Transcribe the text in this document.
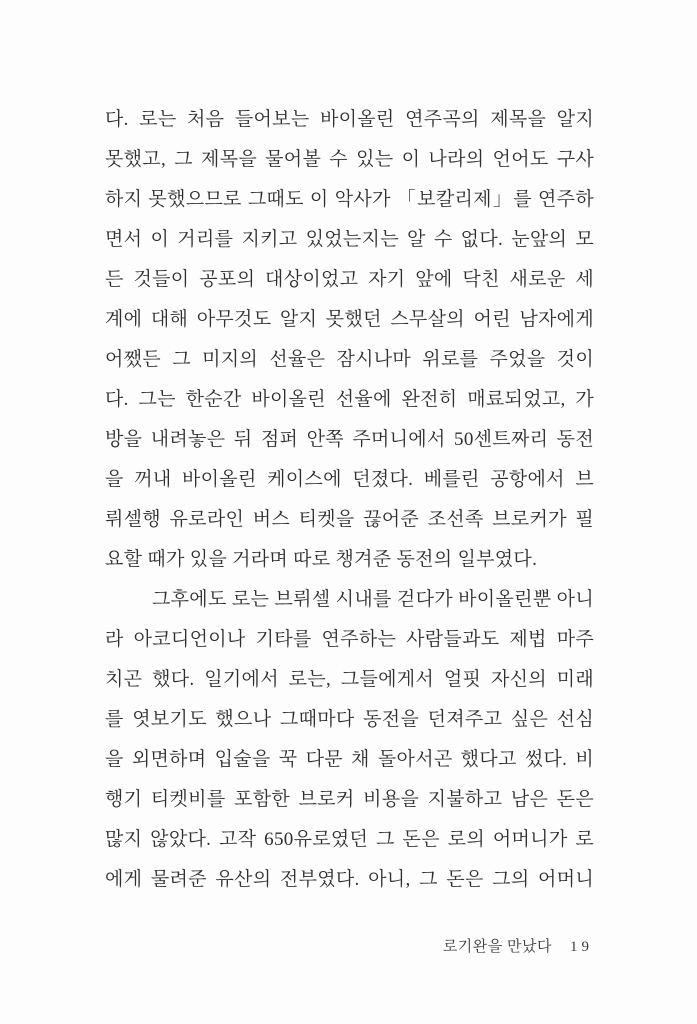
다. 로는 처음 들어보는 바이올린 연주곡의 제목을 알지
못했고, 그 제목을 물어볼 수 있는 이 나라의 언어도 구사
하지 못했으므로 그때도 이 악사가 「보칼리제」를 연주하
면서 이 거리를 지키고 있었는지는 알 수 없다. 눈앞의 모
든 것들이 공포의 대상이었고 자기 앞에 닥친 새로운 세
계에 대해 아무것도 알지 못했던 스무살의 어린 남자에게
어쨌든 그 미지의 선율은 잠시나마 위로를 주었을 것이
다. 그는 한순간 바이올린 선율에 완전히 매료되었고, 가
방을 내려놓은 뒤 점퍼 안쪽 주머니에서 50센트짜리 동전
을 꺼내 바이올린 케이스에 던졌다. 베를린 공항에서 브
뤼셀행 유로라인 버스 티켓을 끊어준 조선족 브로커가 필
요할 때가 있을 거라며 따로 챙겨준 동전의 일부였다.
그후에도 로는 브뤼셀 시내를 걷다가 바이올린뿐 아니
라 아코디언이나 기타를 연주하는 사람들과도 제법 마주
치곤 했다. 일기에서 로는, 그들에게서 얼핏 자신의 미래
를 엿보기도 했으나 그때마다 동전을 던져주고 싶은 선심
을 외면하며 입술을 꾹 다문 채 돌아서곤 했다고 썼다. 비
행기 티켓비를 포함한 브로커 비용을 지불하고 남은 돈은
많지 않았다. 고작 650유로였던 그 돈은 로의 어머니가 로
에게 물려준 유산의 전부였다. 아니, 그 돈은 그의 어머니
로기완을 만났다 19
